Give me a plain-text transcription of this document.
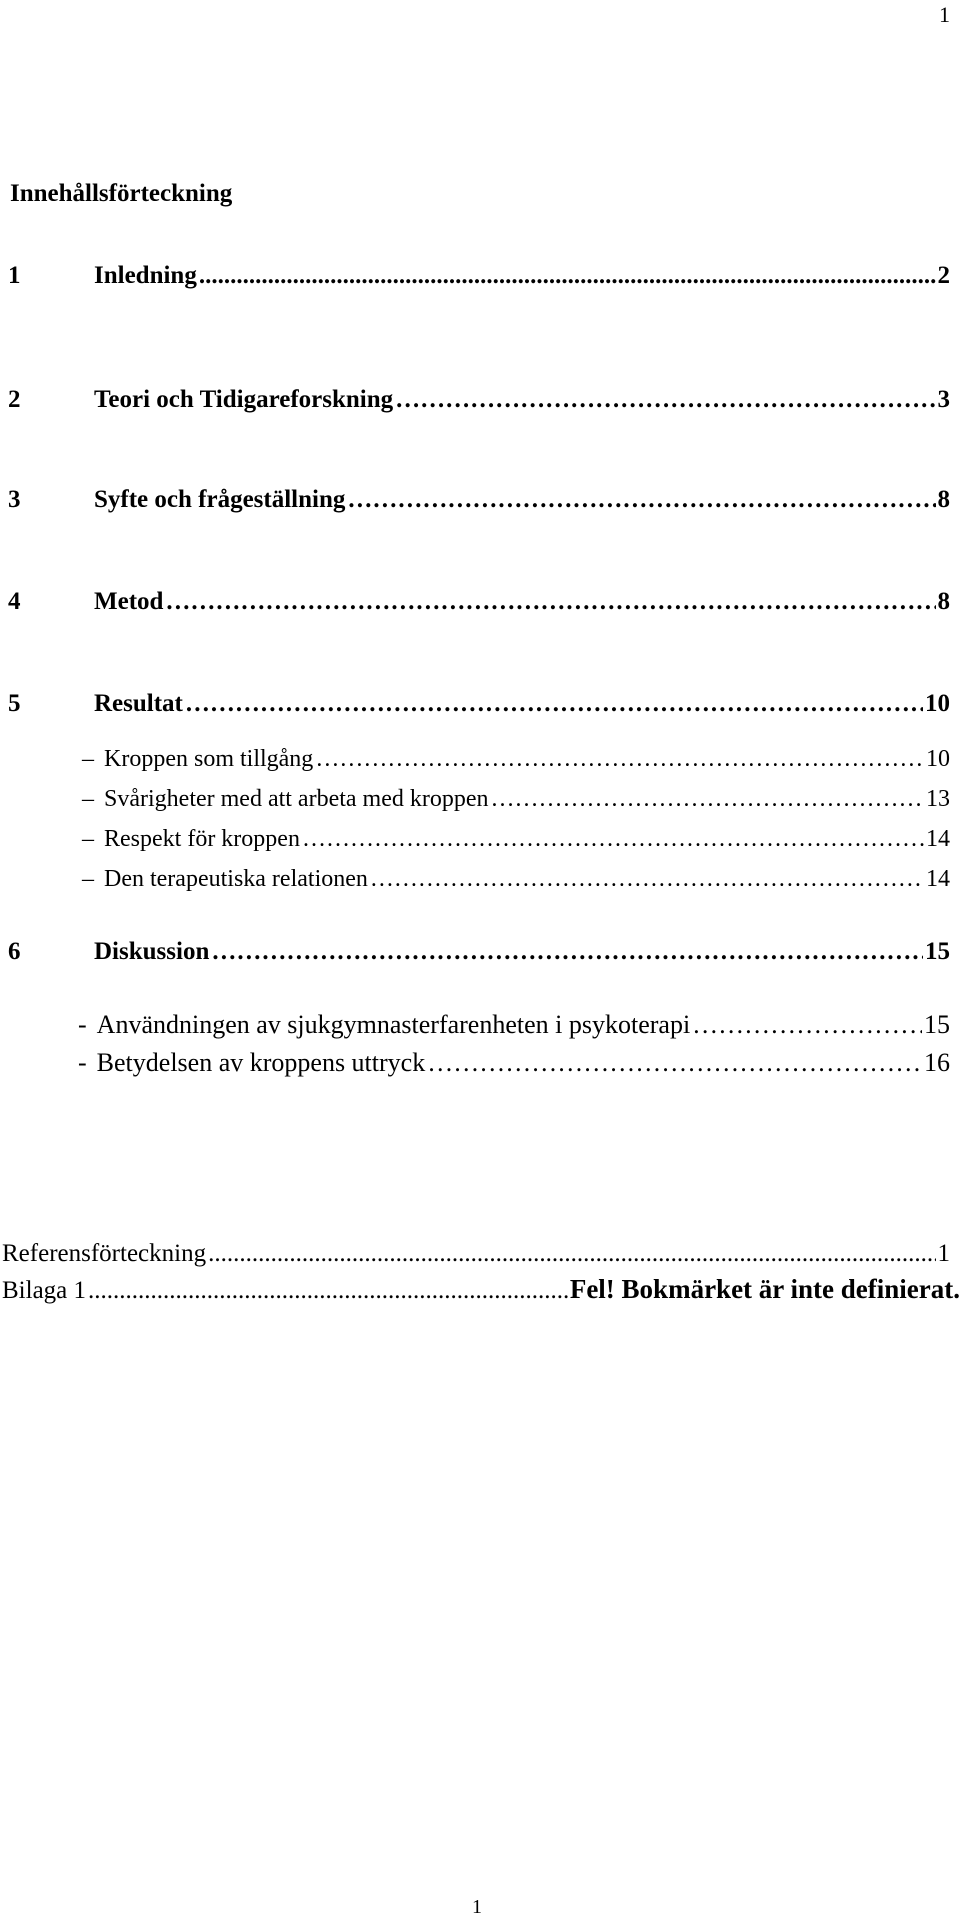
1
Innehållsförteckning
1	Inledning .....	2
2	Teori och Tidigareforskning …………………………………………………………………………………………………………………………………………………………………………………………………………………………………………………………………………………………………………………………………………………………………	3
3	Syfte och frågeställning …………………………………………………………………………………………………………………………………………………………………………………………………………………………………………………………………………………………………………………………………………………………………	8
4	Metod …………………………………………………………………………………………………………………………………………………………………………………………………………………………………………………………………………………………………………………………………………………………………	8
5	Resultat …………………………………………………………………………………………………………………………………………………………………………………………………………………………………………………………………………………………………………………………………………………………………	10
– Kroppen som tillgång …………………………………………………………………………………………………………………………………………………………………………………………………………………………………………………………………………………………………………………………………………………………………	10
– Svårigheter med att arbeta med kroppen …………………………………………………………………………………………………………………………………………………………………………………………………………………………………………………………………………………………………………………………………………………………………	13
– Respekt för kroppen …………………………………………………………………………………………………………………………………………………………………………………………………………………………………………………………………………………………………………………………………………………………………	14
– Den terapeutiska relationen …………………………………………………………………………………………………………………………………………………………………………………………………………………………………………………………………………………………………………………………………………………………………	14
6	Diskussion …………………………………………………………………………………………………………………………………………………………………………………………………………………………………………………………………………………………………………………………………………………………………	15
- Användningen av sjukgymnasterfarenheten i psykoterapi …………………………………………………………………………………………………………………………………………………………………………………………………………………………………………………………………………………………………………………………………………………………………	15
- Betydelsen av kroppens uttryck …………………………………………………………………………………………………………………………………………………………………………………………………………………………………………………………………………………………………………………………………………………………………	16
Referensförteckning .....	1
Bilaga 1 .....	Fel! Bokmärket är inte definierat.
1
